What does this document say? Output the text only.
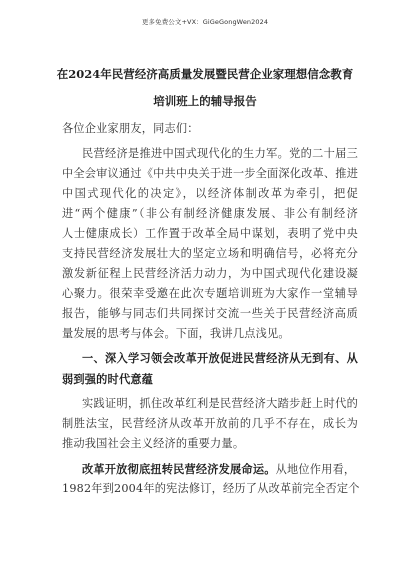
更多免费公文+VX：GiGeGongWen2024
在2024年民营经济高质量发展暨民营企业家理想信念教育
培训班上的辅导报告
各位企业家朋友，同志们：
民营经济是推进中国式现代化的生力军。党的二十届三
中全会审议通过《中共中央关于进一步全面深化改革、推进
中国式现代化的决定》，以经济体制改革为牵引，把促
进“两个健康”（非公有制经济健康发展、非公有制经济
人士健康成长）工作置于改革全局中谋划，表明了党中央
支持民营经济发展壮大的坚定立场和明确信号，必将充分
激发新征程上民营经济活力动力，为中国式现代化建设凝
心聚力。很荣幸受邀在此次专题培训班为大家作一堂辅导
报告，能够与同志们共同探讨交流一些关于民营经济高质
量发展的思考与体会。下面，我讲几点浅见。
一、深入学习领会改革开放促进民营经济从无到有、从
弱到强的时代意蕴
实践证明，抓住改革红利是民营经济大踏步赶上时代的
制胜法宝，民营经济从改革开放前的几乎不存在，成长为
推动我国社会主义经济的重要力量。
改革开放彻底扭转民营经济发展命运。从地位作用看，
1982年到2004年的宪法修订，经历了从改革前完全否定个
